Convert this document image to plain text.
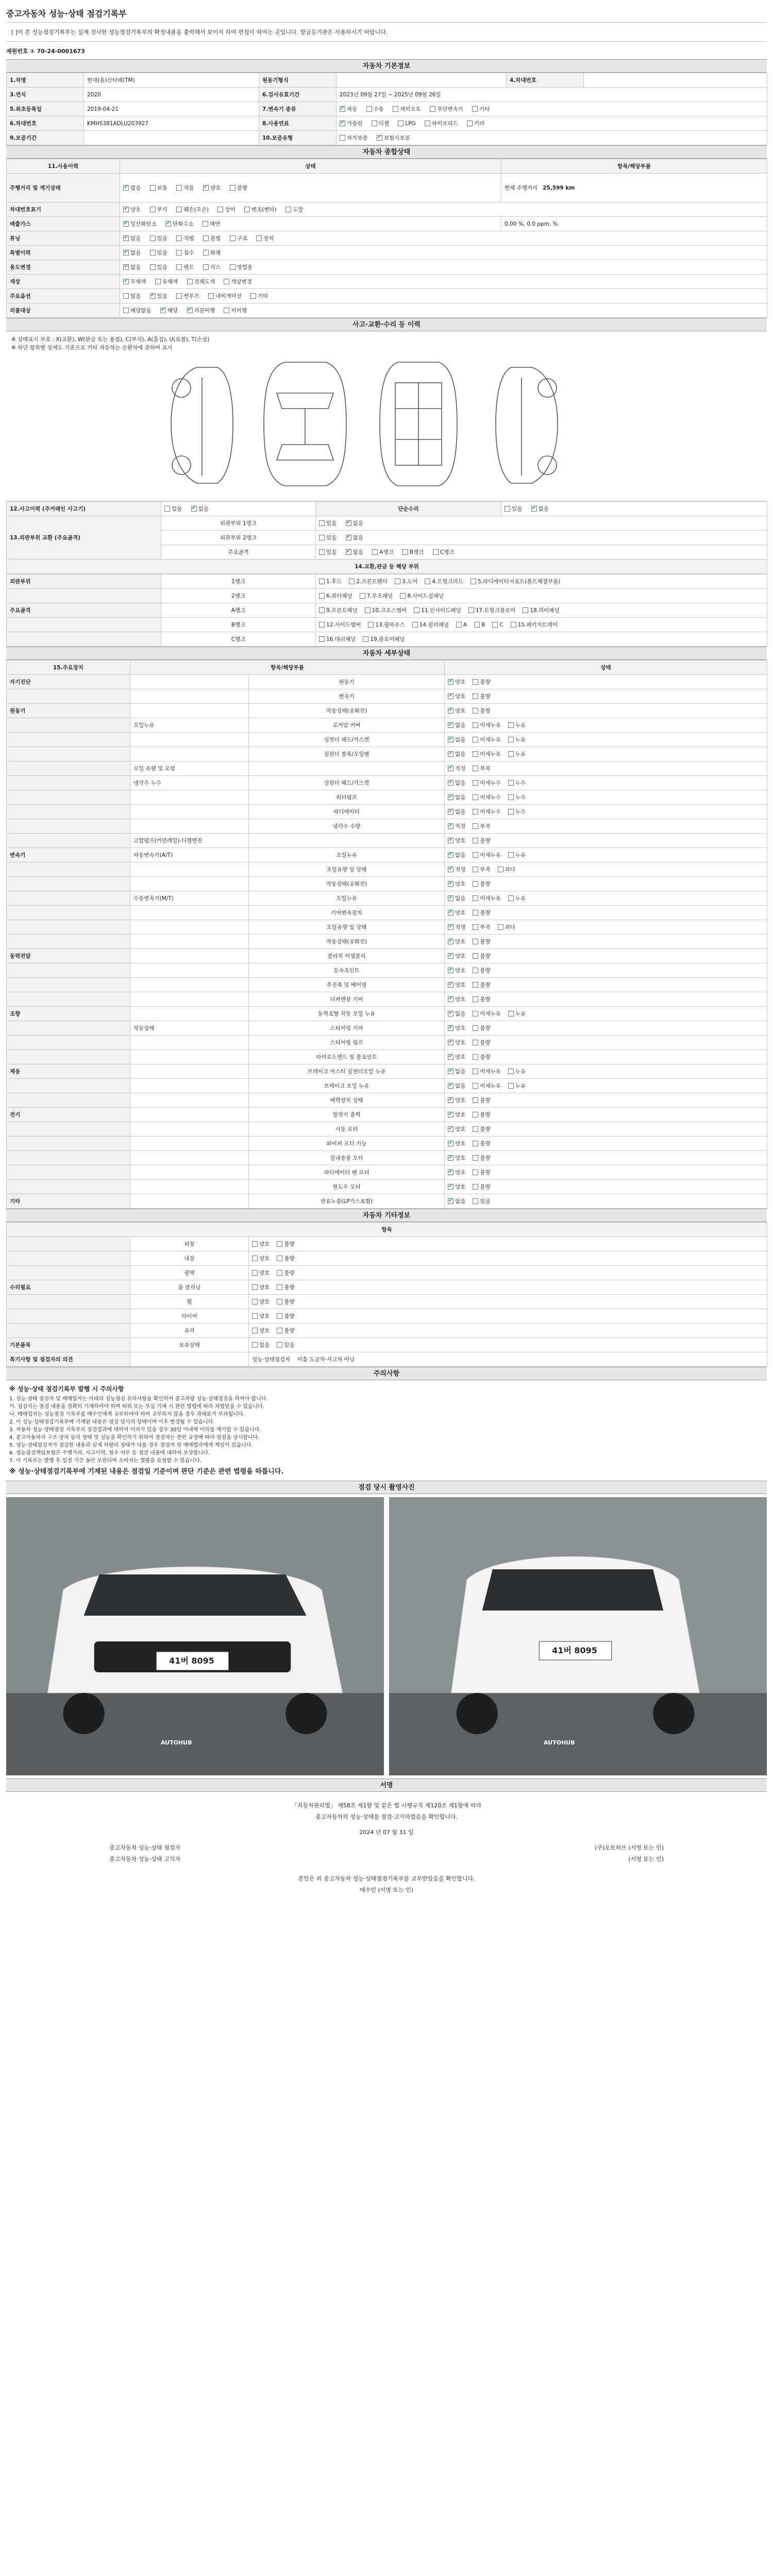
중고자동차 성능·상태 점검기록부
[ ]이 본 성능점검기록부는 실제 검사한 성능점검기록부의 확정내용을 출력해서 보이지 하여 편집이 하여는 곳입니다. 발급등기관은 사용하시기 바랍니다.
제원번호 ① 70-24-0001673
자동차 기본정보
1.차명	현대(올)산타페(TM)	원동기형식		4.차대번호	
3.연식	2020	6.검사유효기간	2023년 09월 27일 ~ 2025년 09월 26일		
5.최초등록일	2019-04-21	7.변속기 종류	✔자동 수동 세미오토 무단변속기 기타
6.차대번호	KMHS381ADLU203927	8.사용연료	✔가솔린 디젤 LPG 하이브리드 기타
9.보증기간		10.보증유형	자가보증 ✔ 보험사보증
자동차 종합상태
11.사용이력	상태	항목/해당부품
주행거리 및 계기상태	✔많음 보통 적음 ✔ 양호 불량	현재 주행거리 25,599 km
차대번호표기	✔양호 부식 훼손(오손) 상이 변조(변타) 도말
배출가스	✔일산화탄소 ✔ 탄화수소 매연	0.00 %, 0.0 ppm, %
튜닝	✔없음 있음 적법 불법 구조 장치
특별이력	✔없음 있음 침수 화재
용도변경	✔없음 있음 렌트 리스 영업용
색상	✔무채색 유채색 전체도색 색상변경
주요옵션	없음 ✔ 있음 썬루프 네비게이션 기타
리콜대상	해당없음 ✔ 해당 ✔ 리콜이행 미이행
사고·교환·수리 등 이력
※ 상태표시 부호 : X(교환), W(판금 또는 용접), C(부식), A(흠집), U(요철), T(손상)
※ 하단 항목별 상세도 기준으로 기타 자동차는 순환차에 준하여 표시
12.사고이력 (주거래인 사고기)	있음 ✔ 없음	단순수리	있음 ✔ 없음
13.외판부위 교환 (주요골격)	외판부위 1랭크	있음 ✔ 없음
	외판부위 2랭크	있음 ✔ 없음
	주요골격	있음 ✔ 없음 A랭크 B랭크 C랭크
14.교환,판금 등 해당 부위			
외판부위	1랭크	1.후드 2.프론트휀더 3.도어 4.트렁크리드 5.라디에이터서포트(볼트체결부품)
	2랭크	6.쿼터패널 7.루프패널 8.사이드실패널
주요골격	A랭크	9.프론트패널 10.크로스멤버 11.인사이드패널 17.트렁크플로어 18.리어패널
	B랭크	12.사이드멤버 13.휠하우스 14.필러패널 A B C 15.패키지트레이
	C랭크	16.대쉬패널 19.플로어패널
자동차 세부상태
15.주요장치	항목/해당부품		상태
자기진단		원동기	✔양호 불량
		변속기	✔양호 불량
원동기		작동상태(공회전)	✔양호 불량
	오일누유	로커암 커버	✔없음 미세누유 누유
		실린더 헤드/가스켓	✔없음 미세누유 누유
		실린더 블록/오일팬	✔없음 미세누유 누유
	오일 유량 및 오염		✔적정 부족
	냉각수 누수	실린더 헤드/가스켓	✔없음 미세누수 누수
		워터펌프	✔없음 미세누수 누수
		라디에이터	✔없음 미세누수 누수
		냉각수 수량	✔적정 부족
	고압펌프(커먼레일)-디젤엔진		✔양호 불량
변속기	자동변속기(A/T)	오일누유	✔없음 미세누유 누유
		오일유량 및 상태	✔적정 부족 과다
		작동상태(공회전)	✔양호 불량
	수동변속기(M/T)	오일누유	✔없음 미세누유 누유
		기어변속장치	✔양호 불량
		오일유량 및 상태	✔적정 부족 과다
		작동상태(공회전)	✔양호 불량
동력전달		클러치 어셈블리	✔양호 불량
		등속조인트	✔양호 불량
		추진축 및 베어링	✔양호 불량
		디퍼렌셜 기어	✔양호 불량
조향		동력조향 작동 오일 누유	✔없음 미세누유 누유
	작동상태	스티어링 기어	✔양호 불량
		스티어링 펌프	✔양호 불량
		타이로드엔드 및 볼조인트	✔양호 불량
제동		브레이크 마스터 실린더오일 누유	✔없음 미세누유 누유
		브레이크 오일 누유	✔없음 미세누유 누유
		배력장치 상태	✔양호 불량
전기		발전기 출력	✔양호 불량
		시동 모터	✔양호 불량
		와이퍼 모터 기능	✔양호 불량
		실내송풍 모터	✔양호 불량
		라디에이터 팬 모터	✔양호 불량
		윈도우 모터	✔양호 불량
기타		연료누출(LP가스포함)	✔없음 있음
자동차 기타정보
항목		
	외장	양호 불량
	내장	양호 불량
	광택	양호 불량
수리필요	룸 클리닝	양호 불량
	휠	양호 불량
	타이어	양호 불량
	유리	양호 불량
기본품목	보유상태	없음 있음
특기사항 및 점검자의 의견		성능·상태점검자 미흡 도금차·사고차 아님
주의사항
※ 성능·상태 점검기록부 발행 시 주의사항
1. 성능·상태 점검자 및 매매업자는 아래의 성능점검 유의사항을 확인하여 중고차량 성능·상태점검을 하여야 합니다.
가. 점검자는 점검 내용을 정확히 기재하여야 하며 허위 또는 부실 기재 시 관련 법령에 따라 처벌받을 수 있습니다.
나. 매매업자는 성능점검 기록부를 매수인에게 교부하여야 하며 교부하지 않을 경우 과태료가 부과됩니다.
2. 이 성능·상태점검기록부에 기재된 내용은 점검 당시의 상태이며 이후 변경될 수 있습니다.
3. 자동차 성능·상태점검 기록부의 점검결과에 대하여 이의가 있을 경우 30일 이내에 이의를 제기할 수 있습니다.
4. 중고자동차의 구조·장치 등의 상태 및 성능을 확인하기 위하여 점검자는 관련 규정에 따라 점검을 실시합니다.
5. 성능·상태점검자가 점검한 내용과 실제 차량의 상태가 다를 경우 점검자 및 매매업자에게 책임이 있습니다.
6. 성능점검책임보험은 주행거리, 사고이력, 침수 여부 등 점검 내용에 대하여 보상합니다.
7. 이 기록부는 발행 후 일정 기간 동안 보관되며 소비자는 열람을 요청할 수 있습니다.
※ 성능·상태점검기록부에 기재된 내용은 점검일 기준이며 판단 기준은 관련 법령을 따릅니다.
점검 당시 촬영사진
41버 8095
AUTOHUB
41버 8095
AUTOHUB
서명
「자동차관리법」 제58조 제1항 및 같은 법 시행규칙 제120조 제1항에 따라
중고자동차의 성능·상태를 점검·고지하였음을 확인합니다.
2024 년 07 월 31 일
중고자동차 성능·상태 점검자	(주)오토허브 (서명 또는 인)
중고자동차 성능·상태 고지자	(서명 또는 인)
본인은 위 중고자동차 성능·상태점검기록부를 교부받았음을 확인합니다.
매수인 (서명 또는 인)
